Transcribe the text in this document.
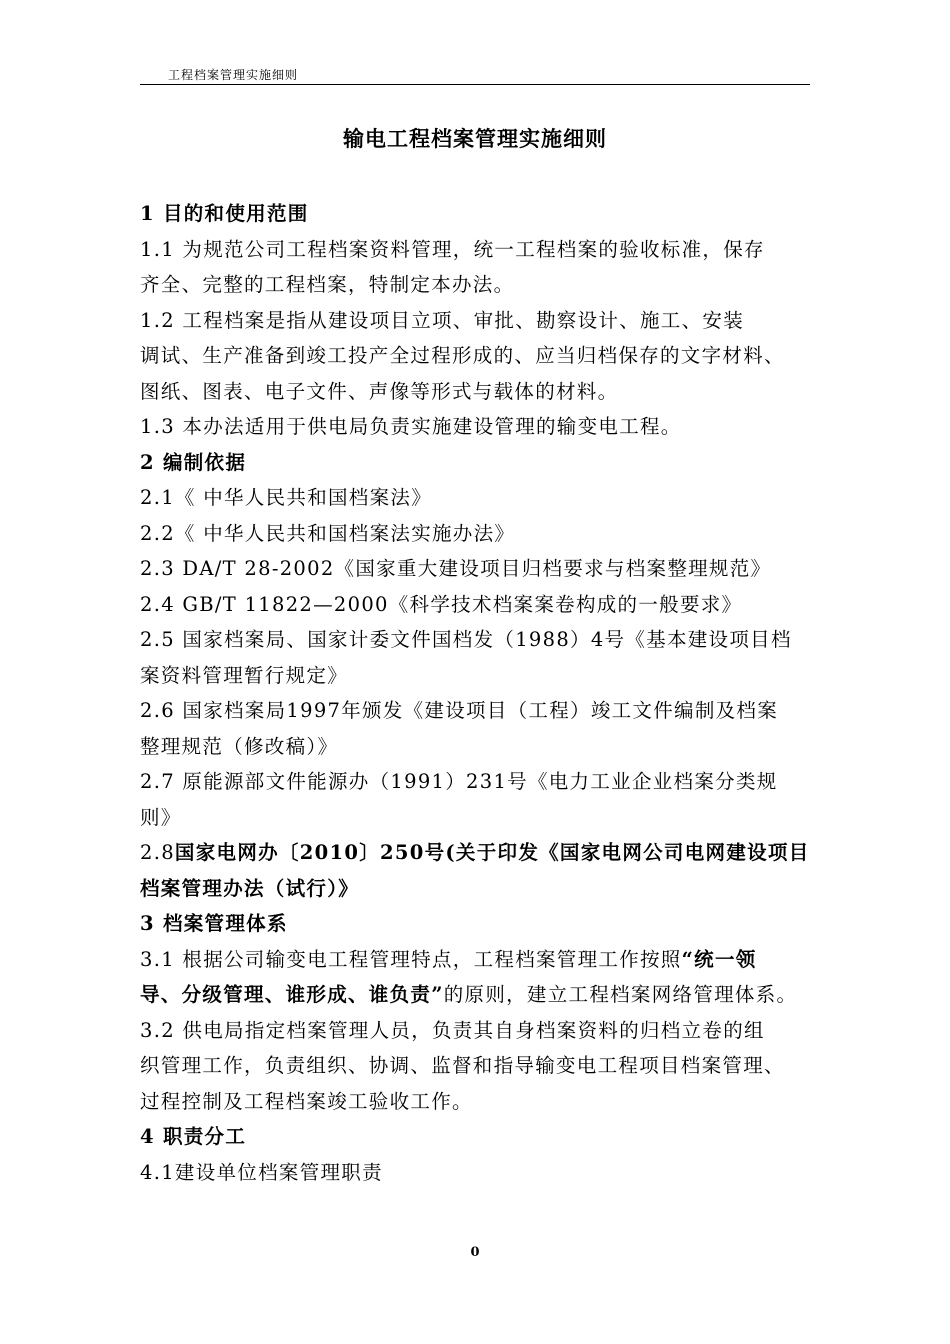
工程档案管理实施细则
输电工程档案管理实施细则

1 目的和使用范围

1.1 为规范公司工程档案资料管理，统一工程档案的验收标准，保存

齐全、完整的工程档案，特制定本办法。

1.2 工程档案是指从建设项目立项、审批、勘察设计、施工、安装

调试、生产准备到竣工投产全过程形成的、应当归档保存的文字材料、

图纸、图表、电子文件、声像等形式与载体的材料。

1.3 本办法适用于供电局负责实施建设管理的输变电工程。

2 编制依据

2.1《 中华人民共和国档案法》

2.2《 中华人民共和国档案法实施办法》

2.3 DA/T 28-2002《国家重大建设项目归档要求与档案整理规范》

2.4 GB/T 11822—2000《科学技术档案案卷构成的一般要求》

2.5 国家档案局、国家计委文件国档发（1988）4号《基本建设项目档

案资料管理暂行规定》

2.6 国家档案局1997年颁发《建设项目（工程）竣工文件编制及档案

整理规范（修改稿）》

2.7 原能源部文件能源办（1991）231号《电力工业企业档案分类规

则》

2.8国家电网办〔2010〕250号(关于印发《国家电网公司电网建设项目

档案管理办法（试行）》

3 档案管理体系

3.1 根据公司输变电工程管理特点，工程档案管理工作按照“统一领

导、分级管理、谁形成、谁负责”的原则，建立工程档案网络管理体系。

3.2 供电局指定档案管理人员，负责其自身档案资料的归档立卷的组

织管理工作，负责组织、协调、监督和指导输变电工程项目档案管理、

过程控制及工程档案竣工验收工作。

4 职责分工

4.1建设单位档案管理职责

0
